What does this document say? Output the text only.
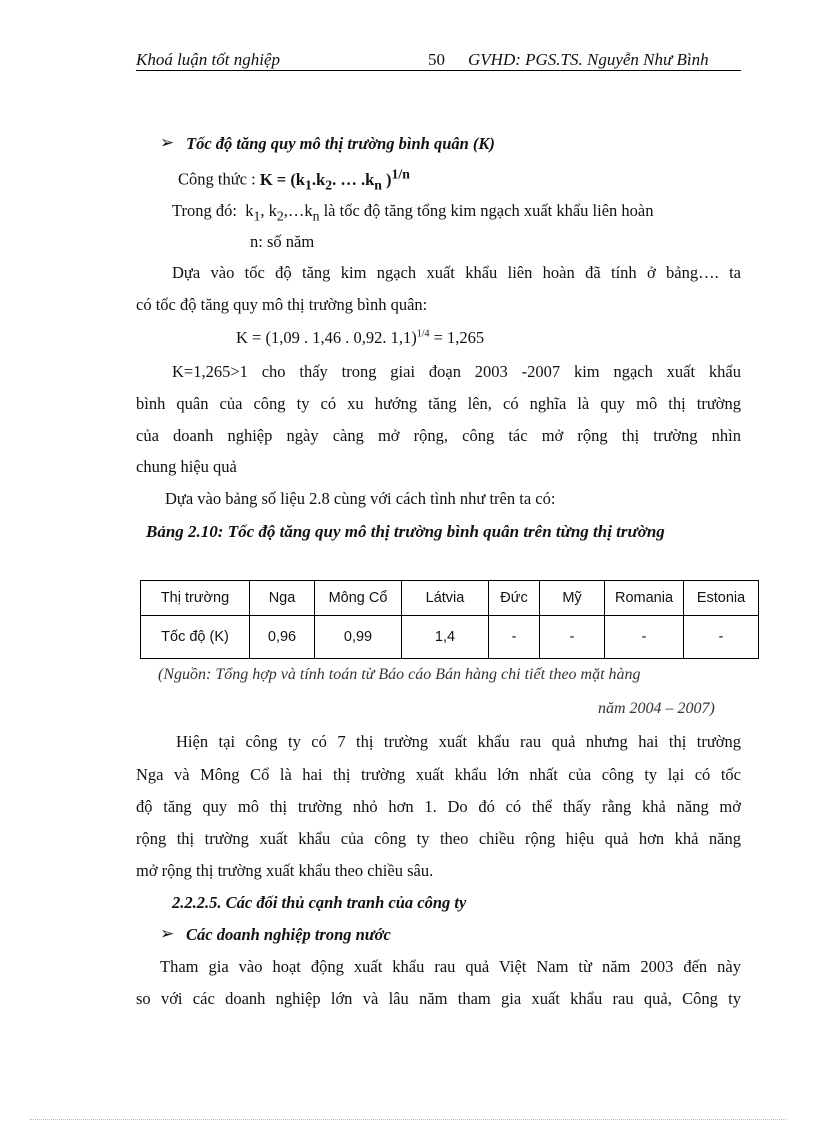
Khoá luận tốt nghiệp	50 GVHD: PGS.TS. Nguyễn Như Bình
➢ Tốc độ tăng quy mô thị trường bình quân (K)
Công thức : $K = (k_1.k_2$. … $.k_n$ )$^{1/n}$
Trong đó:  $k_1$, $k_2,\dots k_n$ là tốc độ tăng tổng kim ngạch xuất khẩu liên hoàn
n: số năm
Dựa vào tốc độ tăng kim ngạch xuất khẩu liên hoàn đã tính ở bảng…. ta
có tốc độ tăng quy mô thị trường bình quân:
K = (1,09 . 1,46 . 0,92. 1,1)$^{1/4}$ = 1,265
K=1,265>1 cho thấy trong giai đoạn 2003 -2007 kim ngạch xuất khẩu
bình quân của công ty có xu hướng tăng lên, có nghĩa là quy mô thị trường
của doanh nghiệp ngày càng mở rộng, công tác mở rộng thị trường nhìn
chung hiệu quả
Dựa vào bảng số liệu 2.8 cùng với cách tình như trên ta có:
Bảng 2.10: Tốc độ tăng quy mô thị trường bình quân trên từng thị trường
Thị trường	Nga	Mông Cổ	Látvia	Đức	Mỹ	Romania	Estonia
Tốc độ (K)	0,96	0,99	1,4	-	-	-	-
(Nguồn: Tổng hợp và tính toán từ Báo cáo Bán hàng chi tiết theo mặt hàng
năm 2004 – 2007)
Hiện tại công ty có 7 thị trường xuất khẩu rau quả nhưng hai thị trường
Nga và Mông Cổ là hai thị trường xuất khẩu lớn nhất của công ty lại có tốc
độ tăng quy mô thị trường nhỏ hơn 1. Do đó có thể thấy rằng khả năng mở
rộng thị trường xuất khẩu của công ty theo chiều rộng hiệu quả hơn khả năng
mở rộng thị trường xuất khẩu theo chiều sâu.
2.2.2.5. Các đối thủ cạnh tranh của công ty
➢ Các doanh nghiệp trong nước
Tham gia vào hoạt động xuất khẩu rau quả Việt Nam từ năm 2003 đến này
so với các doanh nghiệp lớn và lâu năm tham gia xuất khẩu rau quả, Công ty
